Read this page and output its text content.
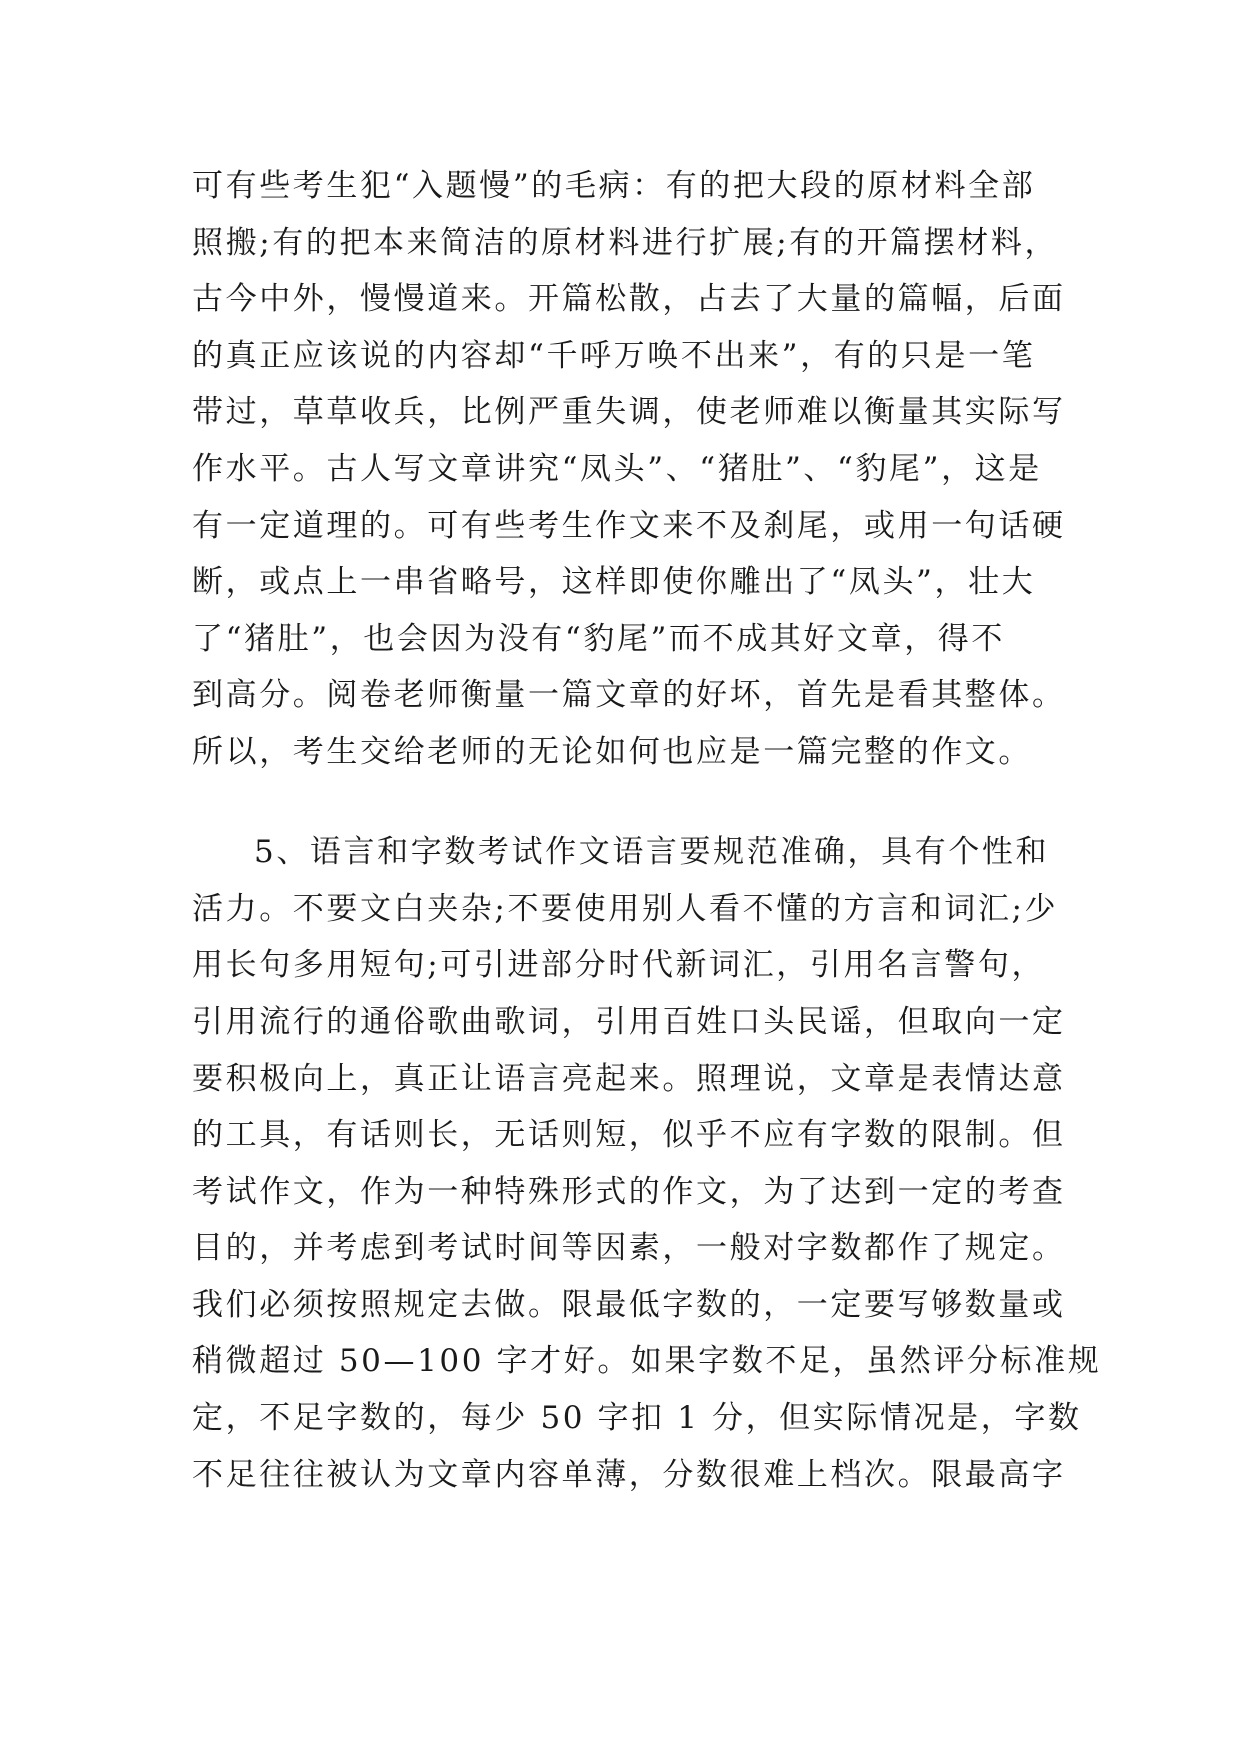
可有些考生犯“入题慢”的毛病：有的把大段的原材料全部
照搬;有的把本来简洁的原材料进行扩展;有的开篇摆材料，
古今中外，慢慢道来。开篇松散，占去了大量的篇幅，后面
的真正应该说的内容却“千呼万唤不出来”，有的只是一笔
带过，草草收兵，比例严重失调，使老师难以衡量其实际写
作水平。古人写文章讲究“凤头”、“猪肚”、“豹尾”，这是
有一定道理的。可有些考生作文来不及刹尾，或用一句话硬
断，或点上一串省略号，这样即使你雕出了“凤头”，壮大
了“猪肚”，也会因为没有“豹尾”而不成其好文章，得不
到高分。阅卷老师衡量一篇文章的好坏，首先是看其整体。
所以，考生交给老师的无论如何也应是一篇完整的作文。
5、语言和字数考试作文语言要规范准确，具有个性和
活力。不要文白夹杂;不要使用别人看不懂的方言和词汇;少
用长句多用短句;可引进部分时代新词汇，引用名言警句，
引用流行的通俗歌曲歌词，引用百姓口头民谣，但取向一定
要积极向上，真正让语言亮起来。照理说，文章是表情达意
的工具，有话则长，无话则短，似乎不应有字数的限制。但
考试作文，作为一种特殊形式的作文，为了达到一定的考查
目的，并考虑到考试时间等因素，一般对字数都作了规定。
我们必须按照规定去做。限最低字数的，一定要写够数量或
稍微超过 50—100 字才好。如果字数不足，虽然评分标准规
定，不足字数的，每少 50 字扣 1 分，但实际情况是，字数
不足往往被认为文章内容单薄，分数很难上档次。限最高字
